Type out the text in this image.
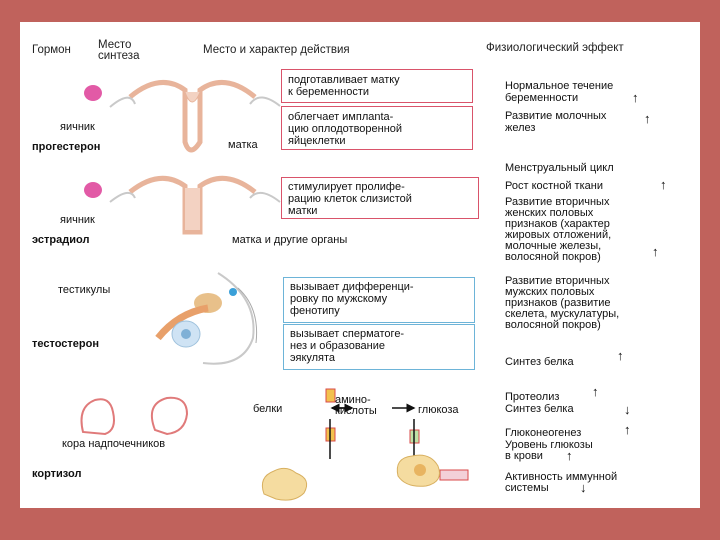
Гормон Место
синтеза	Место и характер действия	Физиологический эффект
яичник
прогестерон	матка
подготавливает матку
к беременности
облегчает имплanta-
цию оплодотворенной
яйцеклетки
Нормальное течение
беременности	↑
Развитие молочных
желез
↑
яичник
эстрадиол	матка и другие органы
стимулирует пролифе-
рацию клеток слизистой
матки
Менструальный цикл
Рост костной ткани	↑
Развитие вторичных
женских половых
признаков (характер
жировых отложений,
молочные железы,
волосяной покров)	↑
тестикулы
тестостерон
вызывает дифференци-
ровку по мужскому
фенотипу
вызывает сперматоге-
нез и образование
эякулята
Развитие вторичных
мужских половых
признаков (развитие
скелета, мускулатуры,
волосяной покров)
Синтез белка	↑
кора надпочечников
кортизол
белки
амино-
кислоты	глюкоза
Протеолиз	↑
Синтез белка	↓
Глюконеогенез	↑
Уровень глюкозы
в крови	↑
Активность иммунной
системы	↓
